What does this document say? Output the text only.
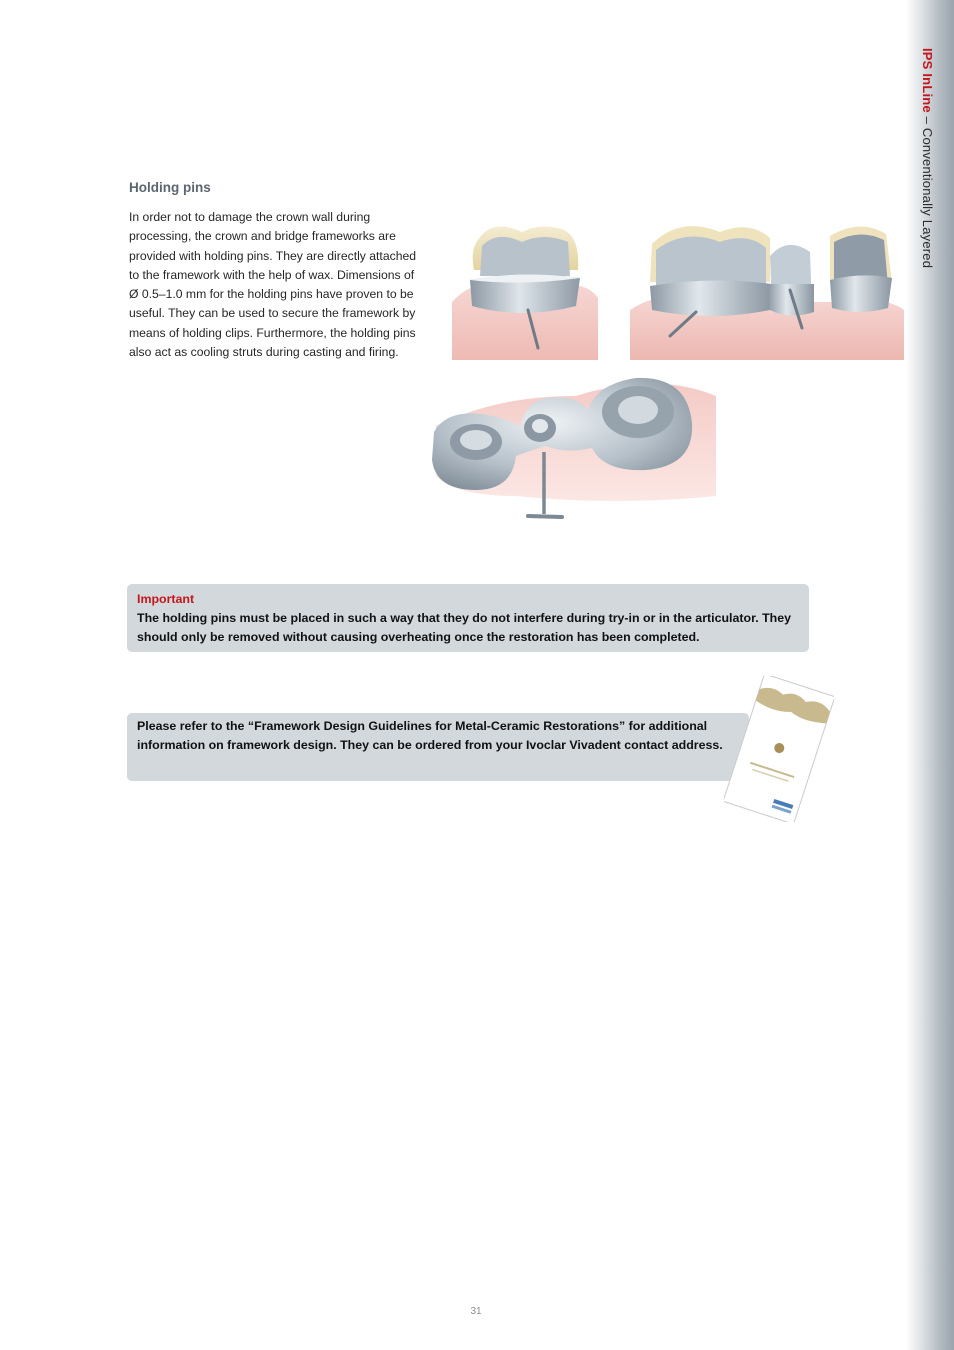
IPS InLine – Conventionally Layered
Holding pins
In order not to damage the crown wall during processing, the crown and bridge frameworks are provided with holding pins. They are directly attached to the framework with the help of wax. Dimensions of Ø 0.5–1.0 mm for the holding pins have proven to be useful. They can be used to secure the framework by means of holding clips. Furthermore, the holding pins also act as cooling struts during casting and firing.
Important
The holding pins must be placed in such a way that they do not interfere during try-in or in the articulator. They should only be removed without causing overheating once the restoration has been completed.
Please refer to the “Framework Design Guidelines for Metal-Ceramic Restorations” for additional information on framework design. They can be ordered from your Ivoclar Vivadent contact address.
31
